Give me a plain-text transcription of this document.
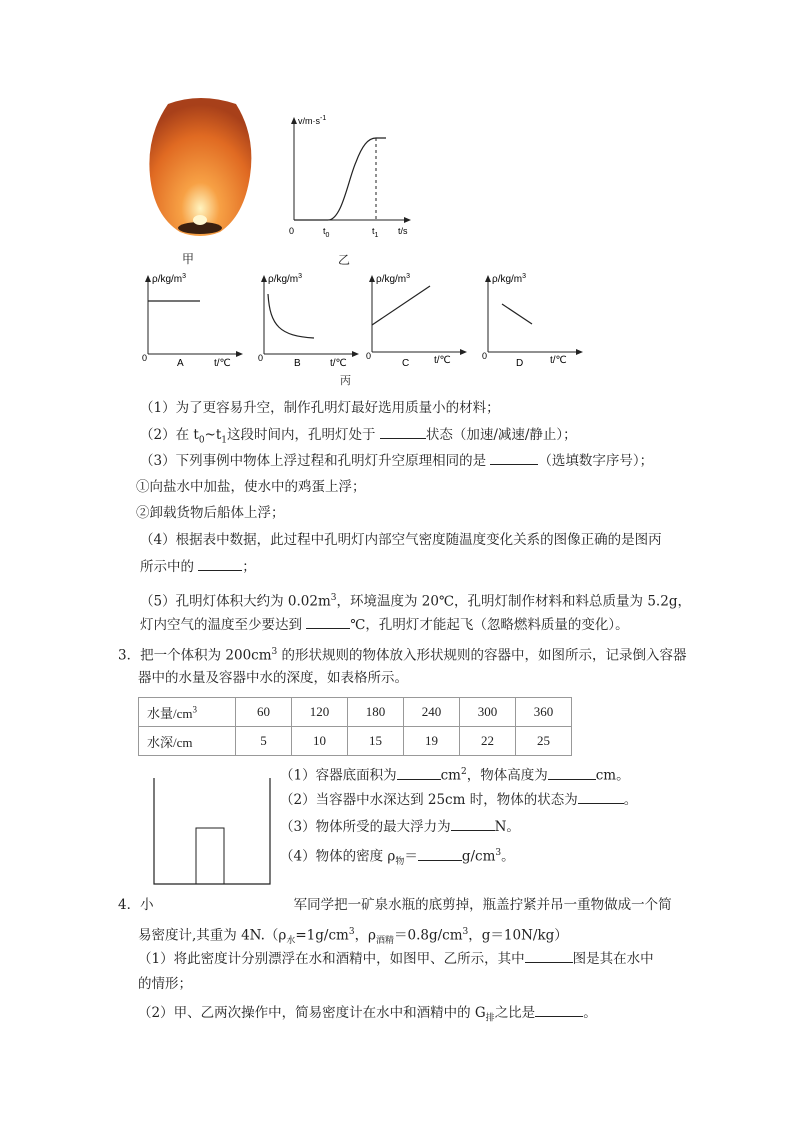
甲
$v/m\cdot s^{-1}$
0	$t_0$	$t_1$ t/s
乙
$\rho/kg/m^3$
0	t/℃
A
$\rho/kg/m^3$
0	t/℃
B
$\rho/kg/m^3$
0	t/℃
C
$\rho/kg/m^3$
0	t/℃
D
丙
（1）为了更容易升空，制作孔明灯最好选用质量小的材料；
（2）在 $t_0\sim t_1$这段时间内，孔明灯处于	状态（加速/减速/静止）；
（3）下列事例中物体上浮过程和孔明灯升空原理相同的是	（选填数字序号）；
①向盐水中加盐，使水中的鸡蛋上浮；
②卸载货物后船体上浮；
（4）根据表中数据，此过程中孔明灯内部空气密度随温度变化关系的图像正确的是图丙
所示中的	；
（5）孔明灯体积大约为 $0.02m^3$，环境温度为 20℃，孔明灯制作材料和料总质量为 5.2g，
灯内空气的温度至少要达到	℃，孔明灯才能起飞（忽略燃料质量的变化）。
3．把一个体积为 $200cm^3$ 的形状规则的物体放入形状规则的容器中，如图所示，记录倒入容器
器中的水量及容器中水的深度，如表格所示。
水量$/cm^3$	60	120	180	240	300	360
水深/cm	5	10	15	19	22	25
（1）容器底面积为	$cm^2$，物体高度为	cm。
（2）当容器中水深达到 25cm 时，物体的状态为	。
（3）物体所受的最大浮力为	N。
（4）物体的密度 $\rho_物=$	$g/cm^3$。
4．小	军同学把一矿泉水瓶的底剪掉，瓶盖拧紧并吊一重物做成一个简
易密度计,其重为 $4N.(\rho_水=1g/cm^3$，$\rho_{酒精}=0.8g/cm^3$，g＝10N/kg）
（1）将此密度计分别漂浮在水和酒精中，如图甲、乙所示，其中	图是其在水中
的情形；
（2）甲、乙两次操作中，简易密度计在水中和酒精中的 $G_排$之比是	。
